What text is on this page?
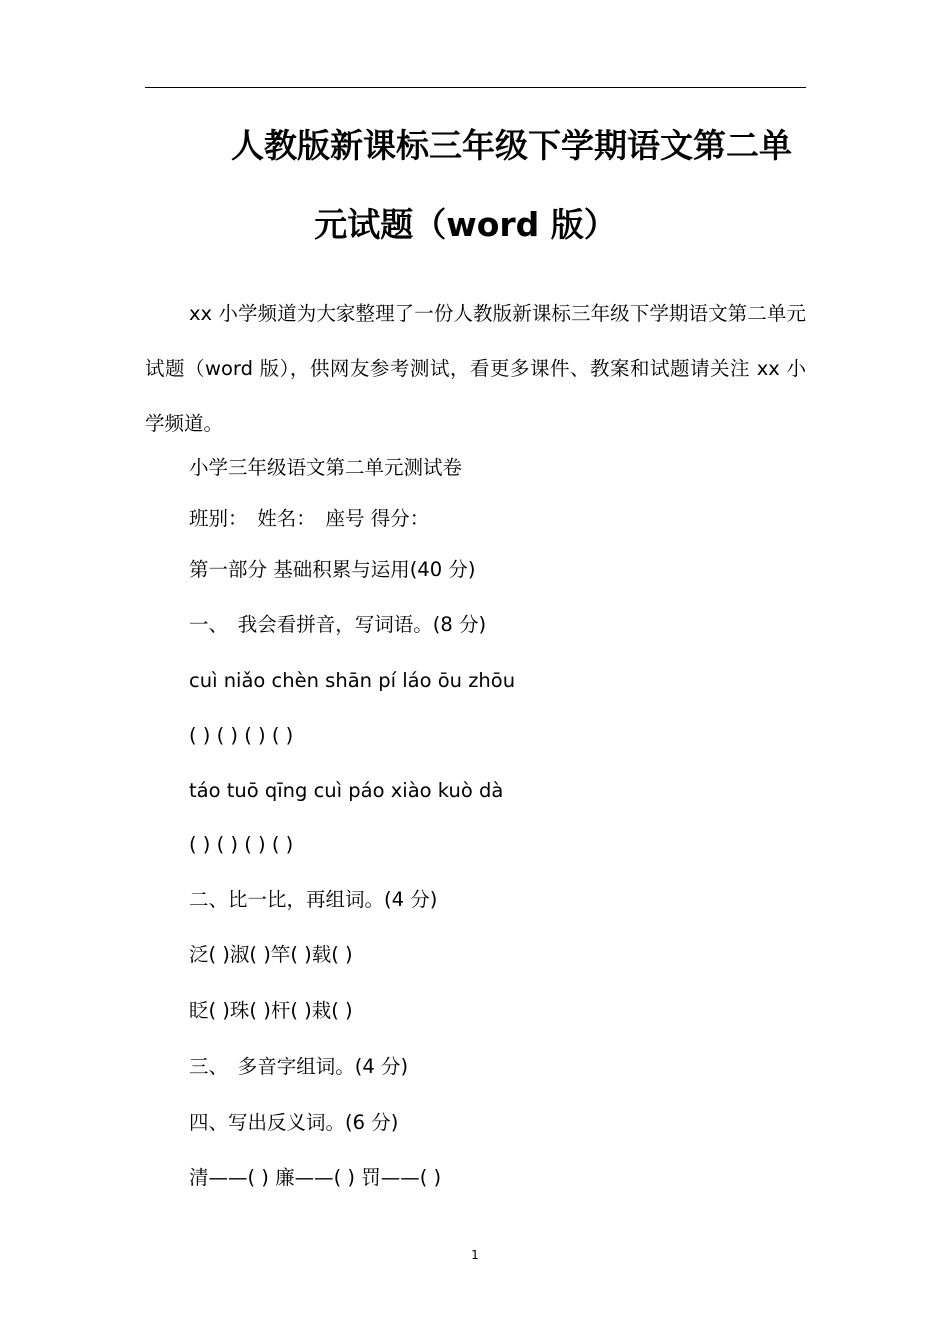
人教版新课标三年级下学期语文第二单
元试题（word 版）
xx 小学频道为大家整理了一份人教版新课标三年级下学期语文第二单元试题（word 版），供网友参考测试，看更多课件、教案和试题请关注 xx 小学频道。
小学三年级语文第二单元测试卷
班别：　姓名：　座号 得分：
第一部分 基础积累与运用(40 分)
一、　我会看拼音，写词语。(8 分)
cuì niǎo chèn shān pí láo ōu zhōu
( ) ( ) ( ) ( )
táo tuō qīng cuì páo xiào kuò dà
( ) ( ) ( ) ( )
二、比一比，再组词。(4 分)
泛( )淑( )竿( )载( )
眨( )珠( )杆( )栽( )
三、　多音字组词。(4 分)
四、写出反义词。(6 分)
清——( ) 廉——( ) 罚——( )
1
